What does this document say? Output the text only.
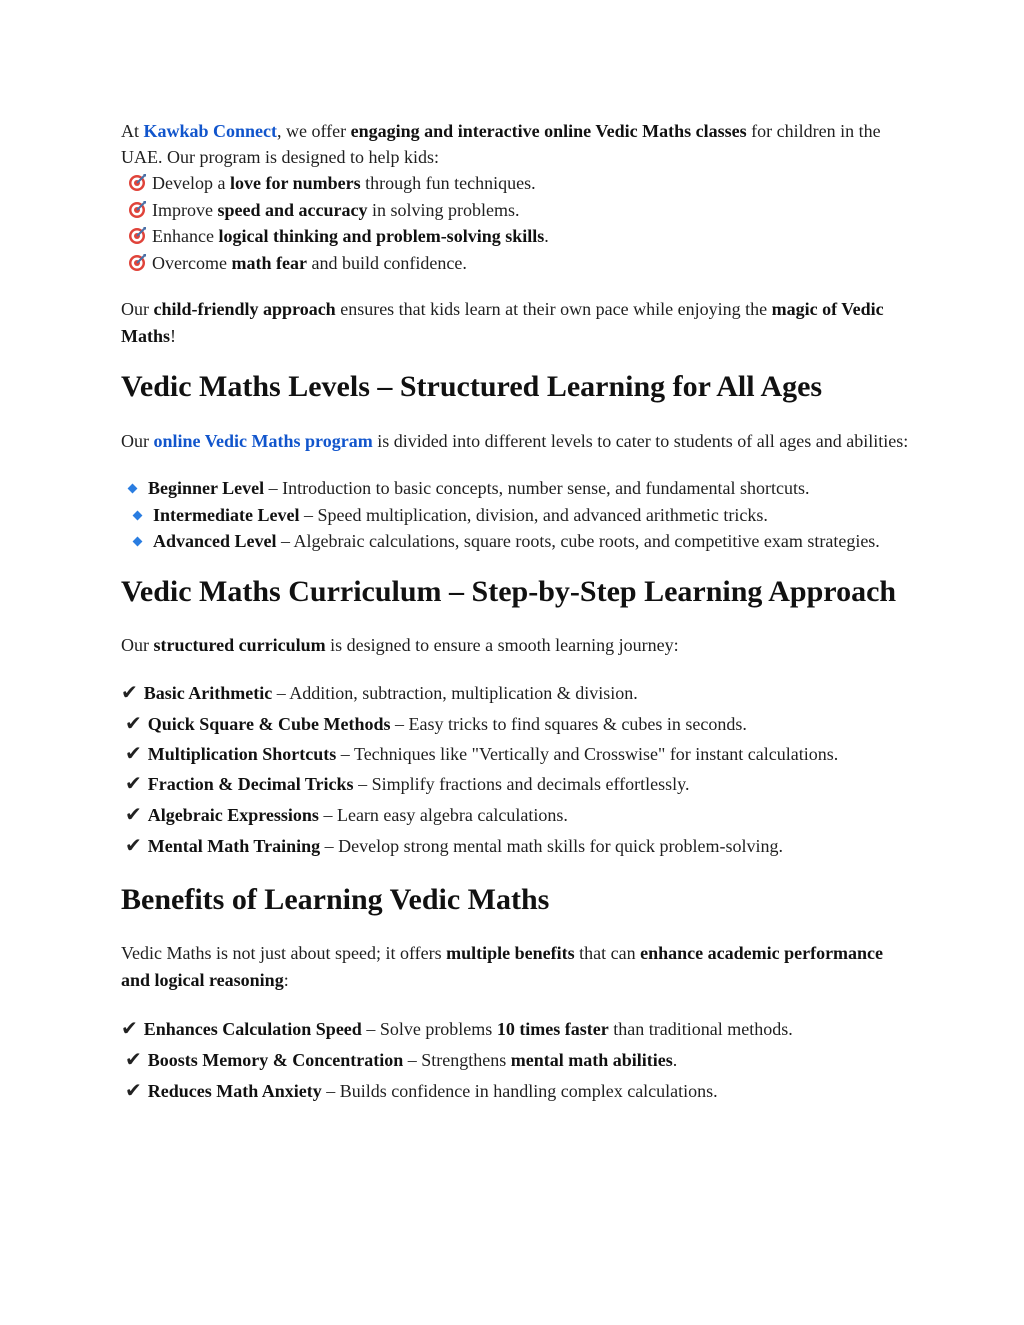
At Kawkab Connect, we offer engaging and interactive online Vedic Maths classes for children in the UAE. Our program is designed to help kids:

Develop a love for numbers through fun techniques.
Improve speed and accuracy in solving problems.
Enhance logical thinking and problem-solving skills.
Overcome math fear and build confidence.

Our child-friendly approach ensures that kids learn at their own pace while enjoying the magic of Vedic Maths!

Vedic Maths Levels – Structured Learning for All Ages

Our online Vedic Maths program is divided into different levels to cater to students of all ages and abilities:

Beginner Level – Introduction to basic concepts, number sense, and fundamental shortcuts.
Intermediate Level – Speed multiplication, division, and advanced arithmetic tricks.
Advanced Level – Algebraic calculations, square roots, cube roots, and competitive exam strategies.
Vedic Maths Curriculum – Step-by-Step Learning Approach

Our structured curriculum is designed to ensure a smooth learning journey:

✔ Basic Arithmetic – Addition, subtraction, multiplication & division.
✔ Quick Square & Cube Methods – Easy tricks to find squares & cubes in seconds.
✔ Multiplication Shortcuts – Techniques like "Vertically and Crosswise" for instant calculations.
✔ Fraction & Decimal Tricks – Simplify fractions and decimals effortlessly.
✔ Algebraic Expressions – Learn easy algebra calculations.
✔ Mental Math Training – Develop strong mental math skills for quick problem-solving.
Benefits of Learning Vedic Maths

Vedic Maths is not just about speed; it offers multiple benefits that can enhance academic performance and logical reasoning:

✔ Enhances Calculation Speed – Solve problems 10 times faster than traditional methods.
✔ Boosts Memory & Concentration – Strengthens mental math abilities.
✔ Reduces Math Anxiety – Builds confidence in handling complex calculations.
